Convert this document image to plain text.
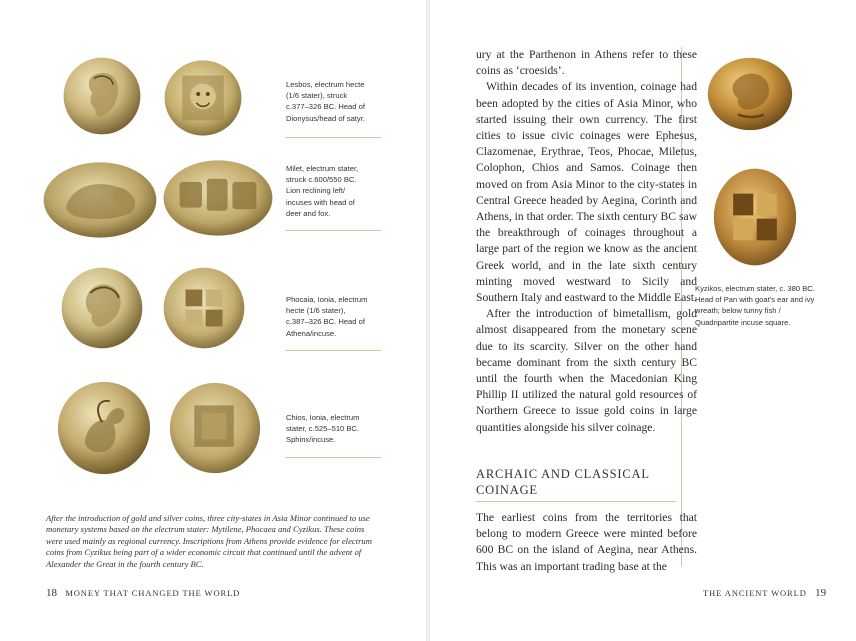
Lesbos, electrum hecte
(1/6 stater), struck
c.377–326 BC. Head of
Dionysus/head of satyr.
Milet, electrum stater,
struck c.600/550 BC.
Lion reclining left/
incuses with head of
deer and fox.
Phocaia, Ionia, electrum
hecte (1/6 stater),
c.387–326 BC. Head of
Athena/incuse.
Chios, Ionia, electrum
stater, c.525–510 BC.
Sphinx/incuse.
After the introduction of gold and silver coins, three city-states in Asia Minor continued to use monetary systems based on the electrum stater: Mytilene, Phocaea and Cyzikus. These coins were used mainly as regional currency. Inscriptions from Athens provide evidence for electrum coins from Cyzikus being part of a wider economic circuit that continued until the advent of Alexander the Great in the fourth century BC.
18 MONEY THAT CHANGED THE WORLD

ury at the Parthenon in Athens refer to these coins as ‘croesids’.

Within decades of its invention, coinage had been adopted by the cities of Asia Minor, who started issuing their own currency. The first cities to issue civic coinages were Ephesus, Clazomenae, Erythrae, Teos, Phocae, Miletus, Colophon, Chios and Samos. Coinage then moved on from Asia Minor to the city-states in Central Greece headed by Aegina, Corinth and Athens, in that order. The sixth century BC saw the breakthrough of coinages throughout a large part of the region we know as the ancient Greek world, and in the late sixth century minting moved westward to Sicily and Southern Italy and eastward to the Middle East.

After the introduction of bimetallism, gold almost disappeared from the monetary scene due to its scarcity. Silver on the other hand became dominant from the sixth century BC until the fourth when the Macedonian King Phillip II utilized the natural gold resources of Northern Greece to issue gold coins in large quantities alongside his silver coinage.

ARCHAIC AND CLASSICAL
COINAGE

The earliest coins from the territories that belong to modern Greece were minted before 600 BC on the island of Aegina, near Athens. This was an important trading base at the

Kyzikos, electrum stater, c. 380 BC. Head of Pan with goat’s ear and ivy wreath; below tunny fish / Quadripartite incuse square.
THE ANCIENT WORLD 19
